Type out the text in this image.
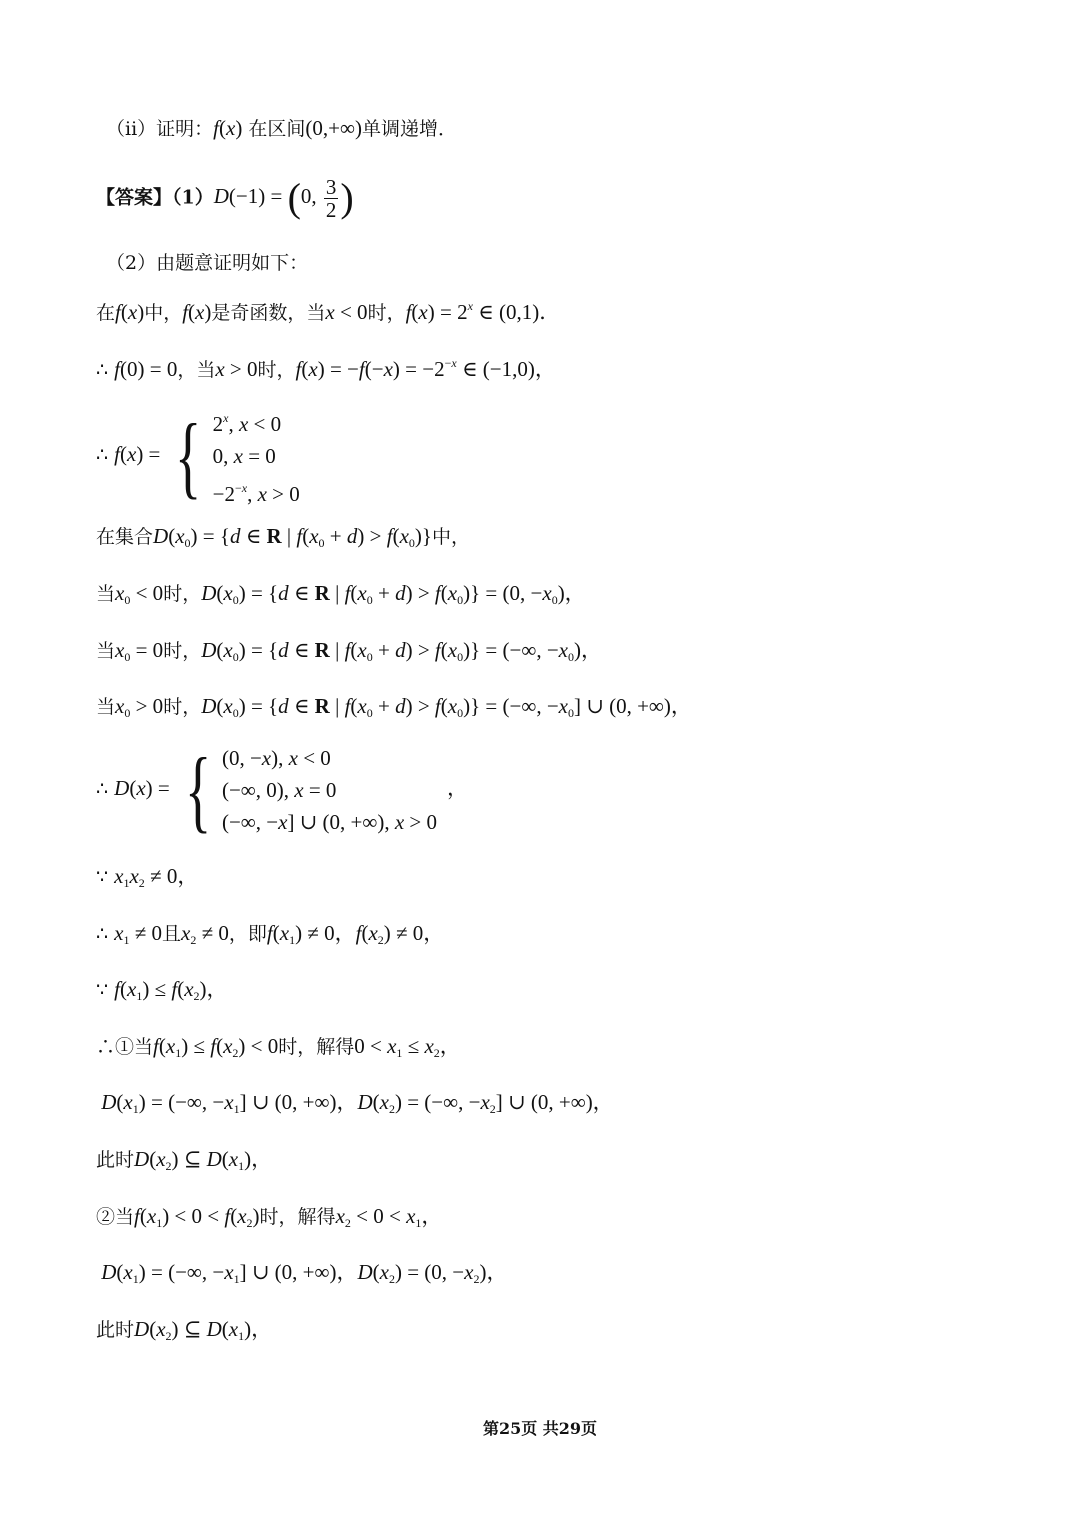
（ii）证明：f(x) 在区间(0,+∞)单调递增．
【答案】（1）D(−1) = (0, $\frac{3}{2}$ )
（2）由题意证明如下：
在f(x)中，f(x)是奇函数，当x < 0时，$f(x) = 2^x$ ∈ (0,1)．
∴ f(0) = 0，当x > 0时，$f(x) = -f(-x) = -2^{-x}$ ∈ (−1,0)，
∴ f(x) = { 2$^x$, x < 0
0, x = 0
$-2^{-x}$, x > 0
在集合$D(x_0) = \{d$ ∈ R | $f(x_0 + d) > f(x_0)$}中，
当$x_0 < 0$时，$D(x_0) = \{d$ ∈ R | $f(x_0 + d) > f(x_0)\} = (0$, $-x_0$)，
当$x_0 = 0$时，$D(x_0) = \{d$ ∈ R | $f(x_0 + d) > f(x_0)$} = (−∞, $-x_0$)，
当$x_0 > 0$时，$D(x_0) = \{d$ ∈ R | $f(x_0 + d) > f(x_0)$} = (−∞, $-x_0$] ∪ (0, +∞)，
∴ D(x) = { (0, −x), x < 0
(−∞, 0), x = 0
(−∞, −x] ∪ (0, +∞), x > 0
，
∵ $x_1x_2 \ne 0$，
∴ $x_1 \ne 0$且$x_2 \ne 0$，即$f(x_1) \ne 0$，$f(x_2) \ne 0$，
∵ $f(x_1) \le f(x_2)$，
∴①当$f(x_1) \le f(x_2) < 0$时，解得$0 < x_1 \le x_2$，
$D(x_1)$ = (−∞, $-x_1$] ∪ (0, +∞)，$D(x_2)$ = (−∞, $-x_2$] ∪ (0, +∞)，
此时$D(x_2)$ ⊆ $D(x_1)$，
②当$f(x_1) < 0 < f(x_2)$时，解得$x_2 < 0 < x_1$，
$D(x_1)$ = (−∞, $-x_1$] ∪ (0, +∞)，$D(x_2) = (0$, $-x_2$)，
此时$D(x_2)$ ⊆ $D(x_1)$，
第25页 共29页
